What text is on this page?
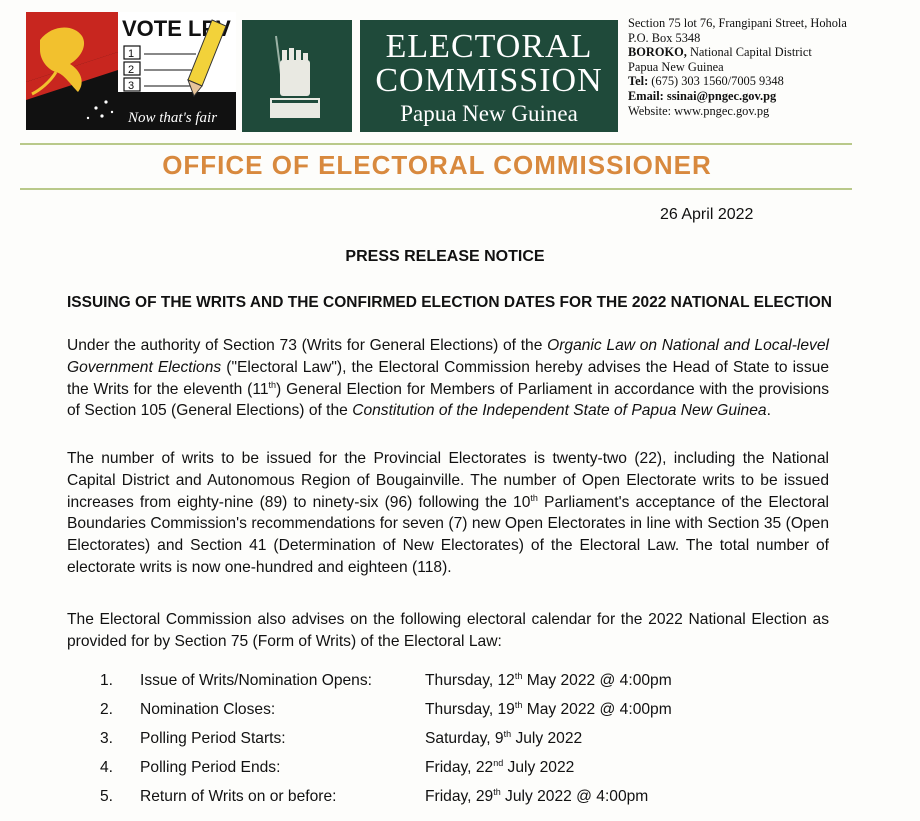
VOTE LPV
1
2
3
Now that's fair
ELECTORAL
COMMISSION
Papua New Guinea
Section 75 lot 76, Frangipani Street, Hohola
P.O. Box 5348
BOROKO, National Capital District
Papua New Guinea
Tel: (675) 303 1560/7005 9348
Email: ssinai@pngec.gov.pg
Website: www.pngec.gov.pg
OFFICE OF ELECTORAL COMMISSIONER
26 April 2022
PRESS RELEASE NOTICE
ISSUING OF THE WRITS AND THE CONFIRMED ELECTION DATES FOR THE 2022 NATIONAL ELECTION
Under the authority of Section 73 (Writs for General Elections) of the Organic Law on National and Local-level Government Elections ("Electoral Law"), the Electoral Commission hereby advises the Head of State to issue the Writs for the eleventh (11th) General Election for Members of Parliament in accordance with the provisions of Section 105 (General Elections) of the Constitution of the Independent State of Papua New Guinea.
The number of writs to be issued for the Provincial Electorates is twenty-two (22), including the National Capital District and Autonomous Region of Bougainville. The number of Open Electorate writs to be issued increases from eighty-nine (89) to ninety-six (96) following the 10th Parliament's acceptance of the Electoral Boundaries Commission's recommendations for seven (7) new Open Electorates in line with Section 35 (Open Electorates) and Section 41 (Determination of New Electorates) of the Electoral Law. The total number of electorate writs is now one-hundred and eighteen (118).
The Electoral Commission also advises on the following electoral calendar for the 2022 National Election as provided for by Section 75 (Form of Writs) of the Electoral Law:
1. Issue of Writs/Nomination Opens:	Thursday, 12th May 2022 @ 4:00pm
2. Nomination Closes:	Thursday, 19th May 2022 @ 4:00pm
3. Polling Period Starts:	Saturday, 9th July 2022
4. Polling Period Ends:	Friday, 22nd July 2022
5. Return of Writs on or before:	Friday, 29th July 2022 @ 4:00pm
